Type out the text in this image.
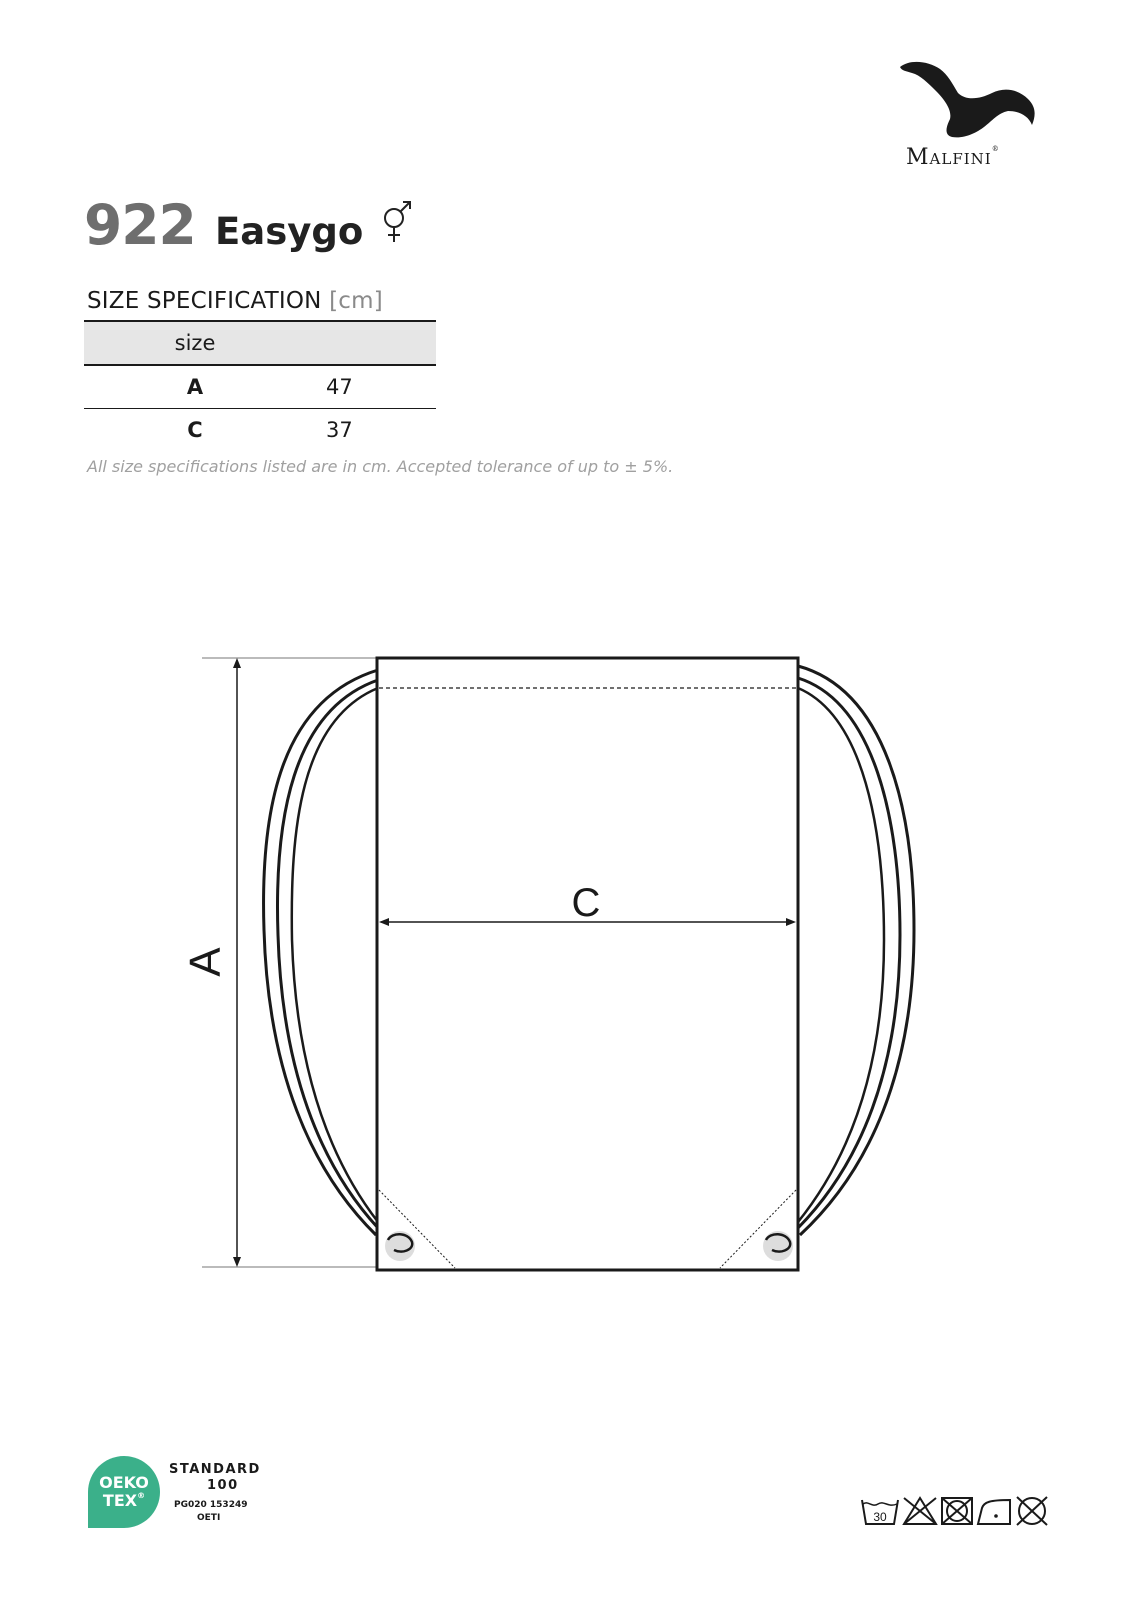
Malfini®
922 Easygo
SIZE SPECIFICATION [cm]
size	
A	47
C	37
All size specifications listed are in cm. Accepted tolerance of up to ± 5%.
A
C
OEKO
TEX®
STANDARD
100
PG020 153249
OETI	30
